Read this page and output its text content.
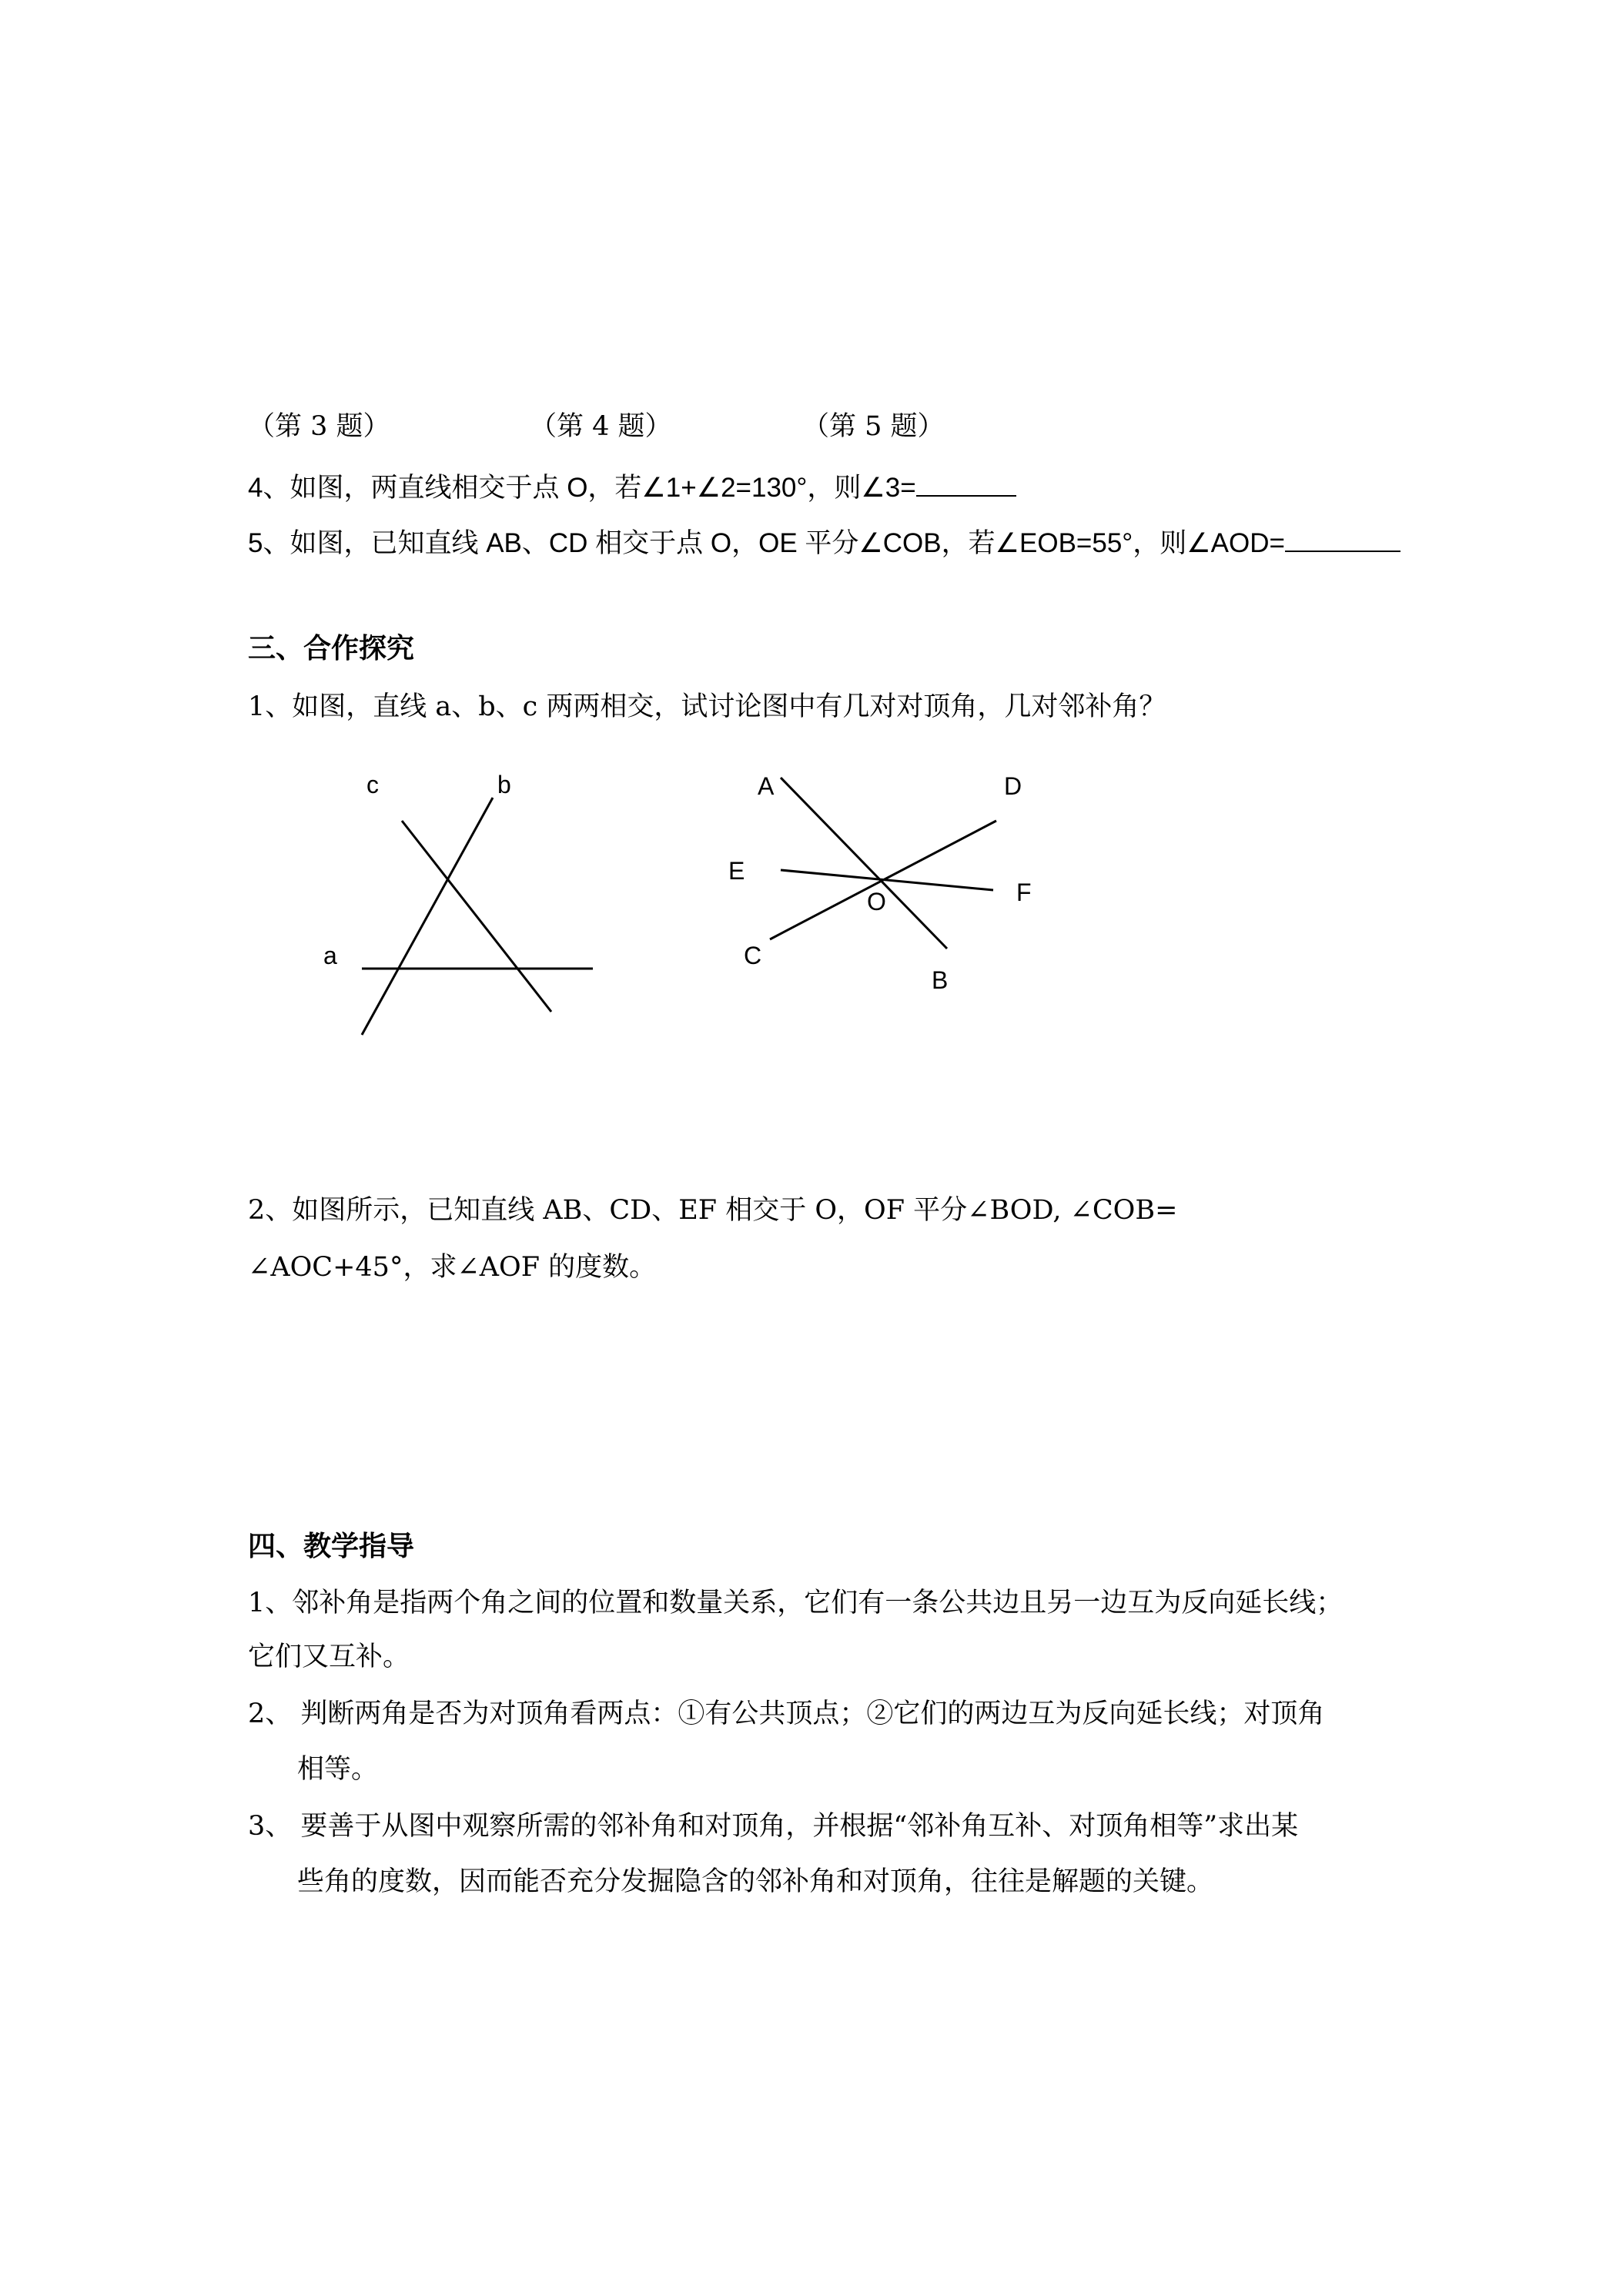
（第 3 题）	（第 4 题）	（第 5 题）
4、如图，两直线相交于点 O，若∠1+∠2=130°，则∠3=
5、如图，已知直线 AB、CD 相交于点 O，OE 平分∠COB，若∠EOB=55°，则∠AOD=
三、合作探究
1、如图，直线 a、b、c 两两相交，试讨论图中有几对对顶角，几对邻补角？
c	b
a
A	D
E
O	F
C
B
2、如图所示，已知直线 AB、CD、EF 相交于 O，OF 平分∠BOD, ∠COB=
∠AOC+45°，求∠AOF 的度数。
四、教学指导
1、邻补角是指两个角之间的位置和数量关系，它们有一条公共边且另一边互为反向延长线；
它们又互补。
2、 判断两角是否为对顶角看两点：①有公共顶点；②它们的两边互为反向延长线；对顶角
相等。
3、 要善于从图中观察所需的邻补角和对顶角，并根据“邻补角互补、对顶角相等”求出某
些角的度数，因而能否充分发掘隐含的邻补角和对顶角，往往是解题的关键。
